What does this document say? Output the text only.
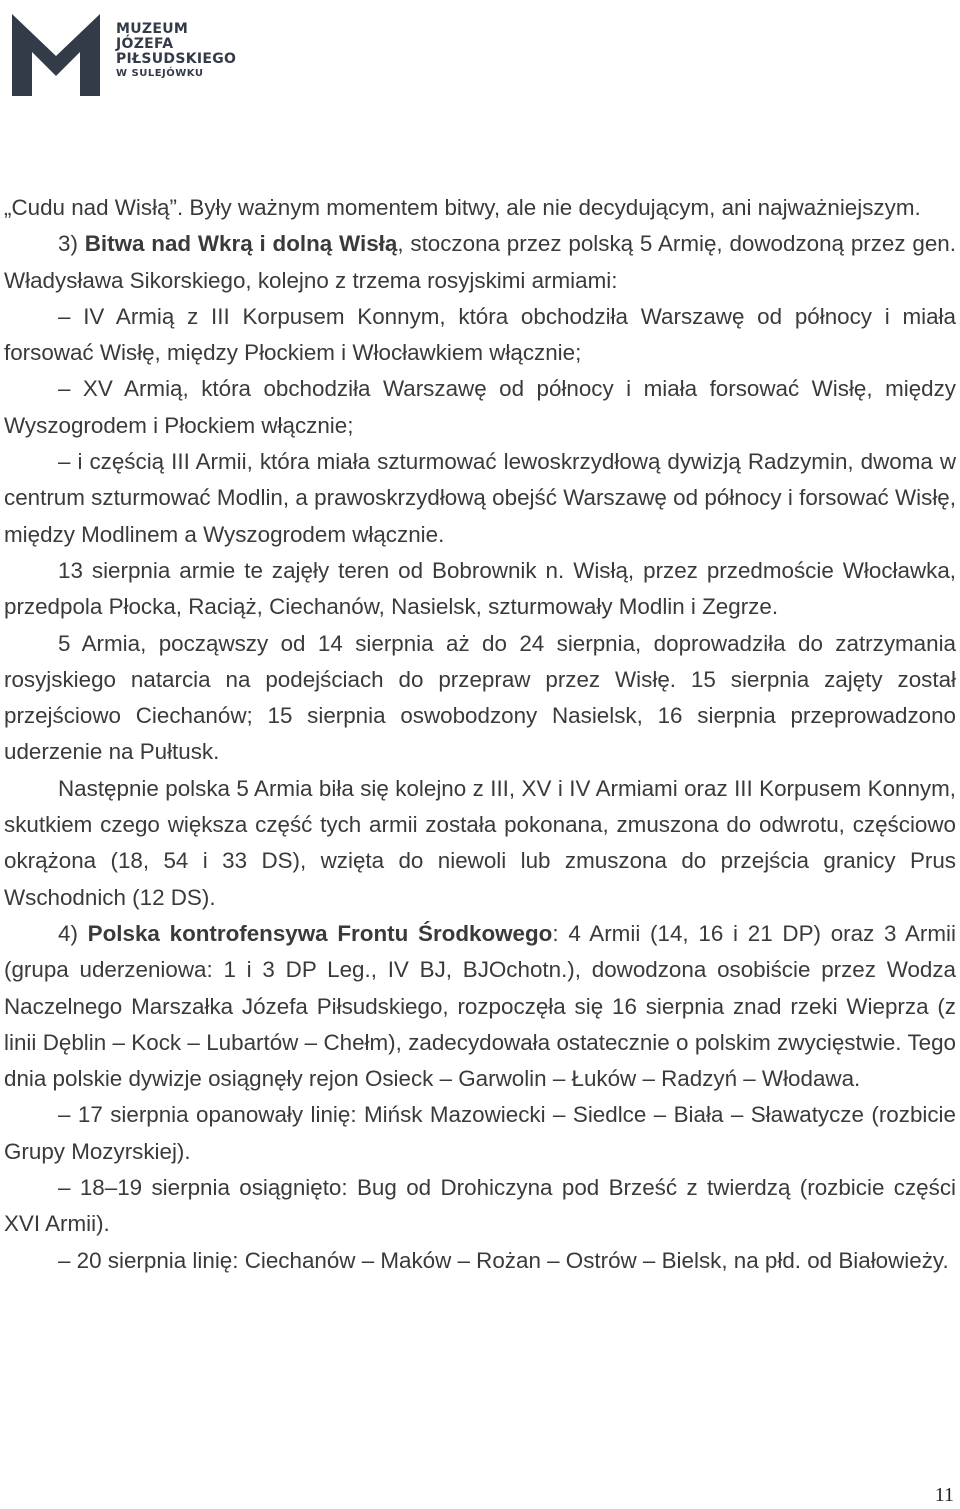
MUZEUM
JÓZEFA
PIŁSUDSKIEGO
W SULEJÓWKU

„Cudu nad Wisłą”. Były ważnym momentem bitwy, ale nie decydującym, ani najważniejszym.

3) Bitwa nad Wkrą i dolną Wisłą, stoczona przez polską 5 Armię, dowodzoną przez gen. Władysława Sikorskiego, kolejno z trzema rosyjskimi armiami:

– IV Armią z III Korpusem Konnym, która obchodziła Warszawę od północy i miała forsować Wisłę, między Płockiem i Włocławkiem włącznie;

– XV Armią, która obchodziła Warszawę od północy i miała forsować Wisłę, między Wyszogrodem i Płockiem włącznie;

– i częścią III Armii, która miała szturmować lewoskrzydłową dywizją Radzymin, dwoma w centrum szturmować Modlin, a prawoskrzydłową obejść Warszawę od północy i forsować Wisłę, między Modlinem a Wyszogrodem włącznie.

13 sierpnia armie te zajęły teren od Bobrownik n. Wisłą, przez przedmoście Włocławka, przedpola Płocka, Raciąż, Ciechanów, Nasielsk, szturmowały Modlin i Zegrze.

5 Armia, począwszy od 14 sierpnia aż do 24 sierpnia, doprowadziła do zatrzymania rosyjskiego natarcia na podejściach do przepraw przez Wisłę. 15 sierpnia zajęty został przejściowo Ciechanów; 15 sierpnia oswobodzony Nasielsk, 16 sierpnia przeprowadzono uderzenie na Pułtusk.

Następnie polska 5 Armia biła się kolejno z III, XV i IV Armiami oraz III Korpusem Konnym, skutkiem czego większa część tych armii została pokonana, zmuszona do odwrotu, częściowo okrążona (18, 54 i 33 DS), wzięta do niewoli lub zmuszona do przejścia granicy Prus Wschodnich (12 DS).

4) Polska kontrofensywa Frontu Środkowego: 4 Armii (14, 16 i 21 DP) oraz 3 Armii (grupa uderzeniowa: 1 i 3 DP Leg., IV BJ, BJOchotn.), dowodzona osobiście przez Wodza Naczelnego Marszałka Józefa Piłsudskiego, rozpoczęła się 16 sierpnia znad rzeki Wieprza (z linii Dęblin – Kock – Lubartów – Chełm), zadecydowała ostatecznie o polskim zwycięstwie. Tego dnia polskie dywizje osiągnęły rejon Osieck – Garwolin – Łuków – Radzyń – Włodawa.

– 17 sierpnia opanowały linię: Mińsk Mazowiecki – Siedlce – Biała – Sławatycze (rozbicie Grupy Mozyrskiej).

– 18–19 sierpnia osiągnięto: Bug od Drohiczyna pod Brześć z twierdzą (rozbicie części XVI Armii).

– 20 sierpnia linię: Ciechanów – Maków – Rożan – Ostrów – Bielsk, na płd. od Białowieży.

11
